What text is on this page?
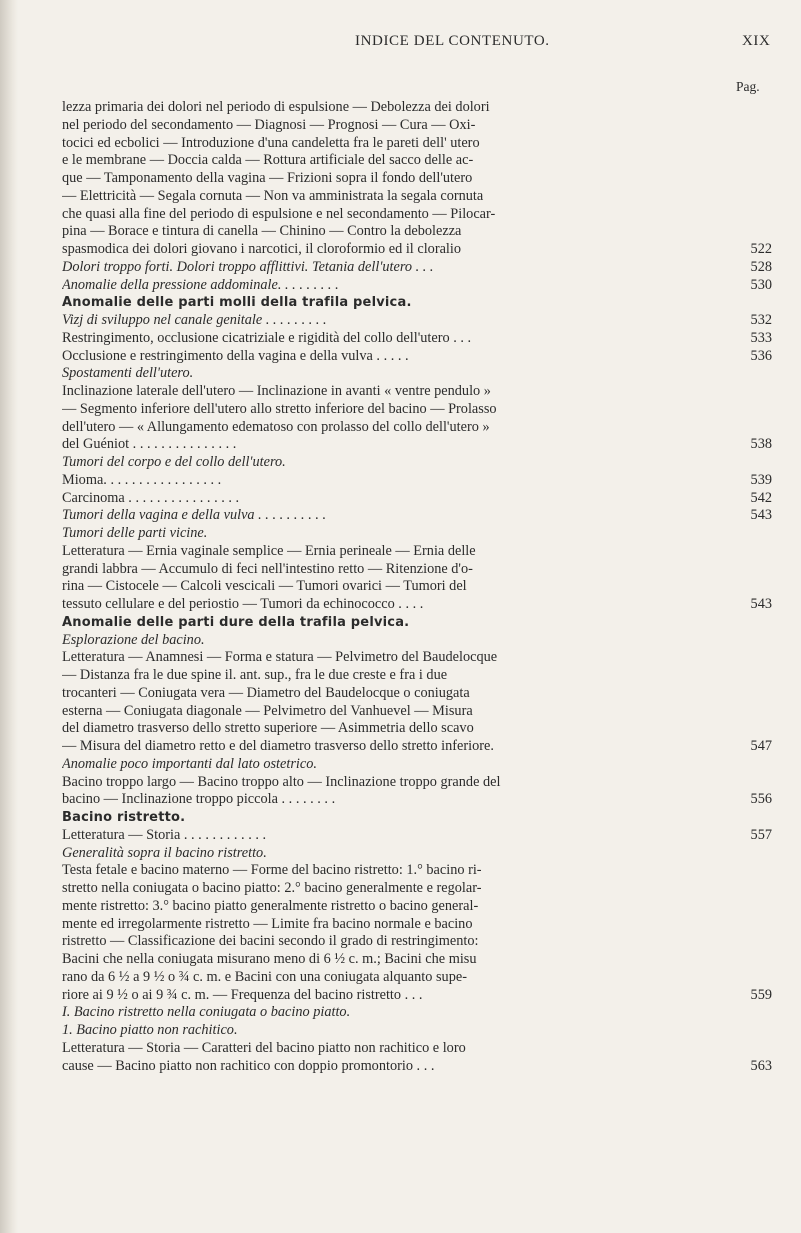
INDICE DEL CONTENUTO.	XIX
Pag.
lezza primaria dei dolori nel periodo di espulsione — Debolezza dei dolori
nel periodo del secondamento — Diagnosi — Prognosi — Cura — Oxi-
tocici ed ecbolici — Introduzione d'una candeletta fra le pareti dell' utero
e le membrane — Doccia calda — Rottura artificiale del sacco delle ac-
que — Tamponamento della vagina — Frizioni sopra il fondo dell'utero
— Elettricità — Segala cornuta — Non va amministrata la segala cornuta
che quasi alla fine del periodo di espulsione e nel secondamento — Pilocar-
pina — Borace e tintura di canella — Chinino — Contro la debolezza
spasmodica dei dolori giovano i narcotici, il cloroformio ed il cloralio	522
Dolori troppo forti. Dolori troppo afflittivi. Tetania dell'utero . . .	528
Anomalie della pressione addominale. . . . . . . . .	530
Anomalie delle parti molli della trafila pelvica.
Vizj di sviluppo nel canale genitale . . . . . . . . .	532
Restringimento, occlusione cicatriziale e rigidità del collo dell'utero . . .	533
Occlusione e restringimento della vagina e della vulva . . . . .	536
Spostamenti dell'utero.
Inclinazione laterale dell'utero — Inclinazione in avanti « ventre pendulo »
— Segmento inferiore dell'utero allo stretto inferiore del bacino — Prolasso
dell'utero — « Allungamento edematoso con prolasso del collo dell'utero »
del Guéniot . . . . . . . . . . . . . . .	538
Tumori del corpo e del collo dell'utero.
Mioma. . . . . . . . . . . . . . . . .	539
Carcinoma . . . . . . . . . . . . . . . .	542
Tumori della vagina e della vulva . . . . . . . . . .	543
Tumori delle parti vicine.
Letteratura — Ernia vaginale semplice — Ernia perineale — Ernia delle
grandi labbra — Accumulo di feci nell'intestino retto — Ritenzione d'o-
rina — Cistocele — Calcoli vescicali — Tumori ovarici — Tumori del
tessuto cellulare e del periostio — Tumori da echinococco . . . .	543
Anomalie delle parti dure della trafila pelvica.
Esplorazione del bacino.
Letteratura — Anamnesi — Forma e statura — Pelvimetro del Baudelocque
— Distanza fra le due spine il. ant. sup., fra le due creste e fra i due
trocanteri — Coniugata vera — Diametro del Baudelocque o coniugata
esterna — Coniugata diagonale — Pelvimetro del Vanhuevel — Misura
del diametro trasverso dello stretto superiore — Asimmetria dello scavo
— Misura del diametro retto e del diametro trasverso dello stretto inferiore.	547
Anomalie poco importanti dal lato ostetrico.
Bacino troppo largo — Bacino troppo alto — Inclinazione troppo grande del
bacino — Inclinazione troppo piccola . . . . . . . .	556
Bacino ristretto.
Letteratura — Storia . . . . . . . . . . . .	557
Generalità sopra il bacino ristretto.
Testa fetale e bacino materno — Forme del bacino ristretto: 1.° bacino ri-
stretto nella coniugata o bacino piatto: 2.° bacino generalmente e regolar-
mente ristretto: 3.° bacino piatto generalmente ristretto o bacino general-
mente ed irregolarmente ristretto — Limite fra bacino normale e bacino
ristretto — Classificazione dei bacini secondo il grado di restringimento:
Bacini che nella coniugata misurano meno di 6 ½ c. m.; Bacini che misu
rano da 6 ½ a 9 ½ o ¾ c. m. e Bacini con una coniugata alquanto supe-
riore ai 9 ½ o ai 9 ¾ c. m. — Frequenza del bacino ristretto . . .	559
I. Bacino ristretto nella coniugata o bacino piatto.
1. Bacino piatto non rachitico.
Letteratura — Storia — Caratteri del bacino piatto non rachitico e loro
cause — Bacino piatto non rachitico con doppio promontorio . . .	563
